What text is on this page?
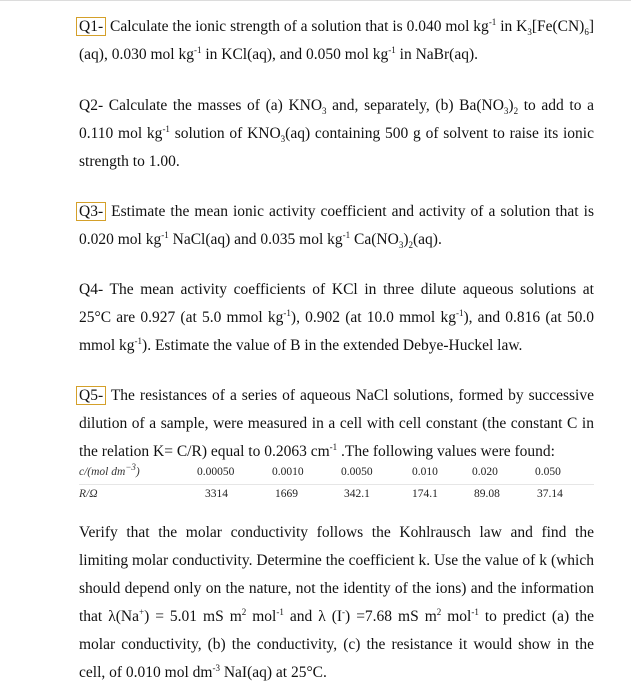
Q1- Calculate the ionic strength of a solution that is 0.040 mol $kg^{-1}$ in $K_3[Fe(CN)_6](aq)$, 0.030 mol $kg^{-1}$ in KCl(aq), and 0.050 mol $kg^{-1}$ in NaBr(aq).

Q2- Calculate the masses of (a) $KNO_3$ and, separately, (b) $Ba(NO_3)_2$ to add to a 0.110 mol $kg^{-1}$ solution of $KNO_3(aq)$ containing 500 g of solvent to raise its ionic strength to 1.00.

Q3- Estimate the mean ionic activity coefficient and activity of a solution that is 0.020 mol $kg^{-1}$ NaCl(aq) and 0.035 mol $kg^{-1}$ $Ca(NO_3)_2(aq)$.

Q4- The mean activity coefficients of KCl in three dilute aqueous solutions at 25°C are 0.927 (at 5.0 mmol $kg^{-1}$), 0.902 (at 10.0 mmol $kg^{-1}$), and 0.816 (at 50.0 mmol $kg^{-1}$). Estimate the value of B in the extended Debye-Huckel law.

Q5- The resistances of a series of aqueous NaCl solutions, formed by successive dilution of a sample, were measured in a cell with cell constant (the constant C in the relation K= C/R) equal to 0.2063 $cm^{-1}$ .The following values were found:

c/(mol $dm^{-3}$)	0.00050	0.0010	0.0050	0.010	0.020	0.050
R/Ω	3314	1669	342.1	174.1	89.08	37.14

Verify that the molar conductivity follows the Kohlrausch law and find the limiting molar conductivity. Determine the coefficient k. Use the value of k (which should depend only on the nature, not the identity of the ions) and the information that λ(Na+) = 5.01 mS $m^2$ mol$^{-1}$ and λ (I-) =7.68 mS $m^2$ mol$^{-1}$ to predict (a) the molar conductivity, (b) the conductivity, (c) the resistance it would show in the cell, of 0.010 mol $dm^{-3}$ NaI(aq) at 25°C.
